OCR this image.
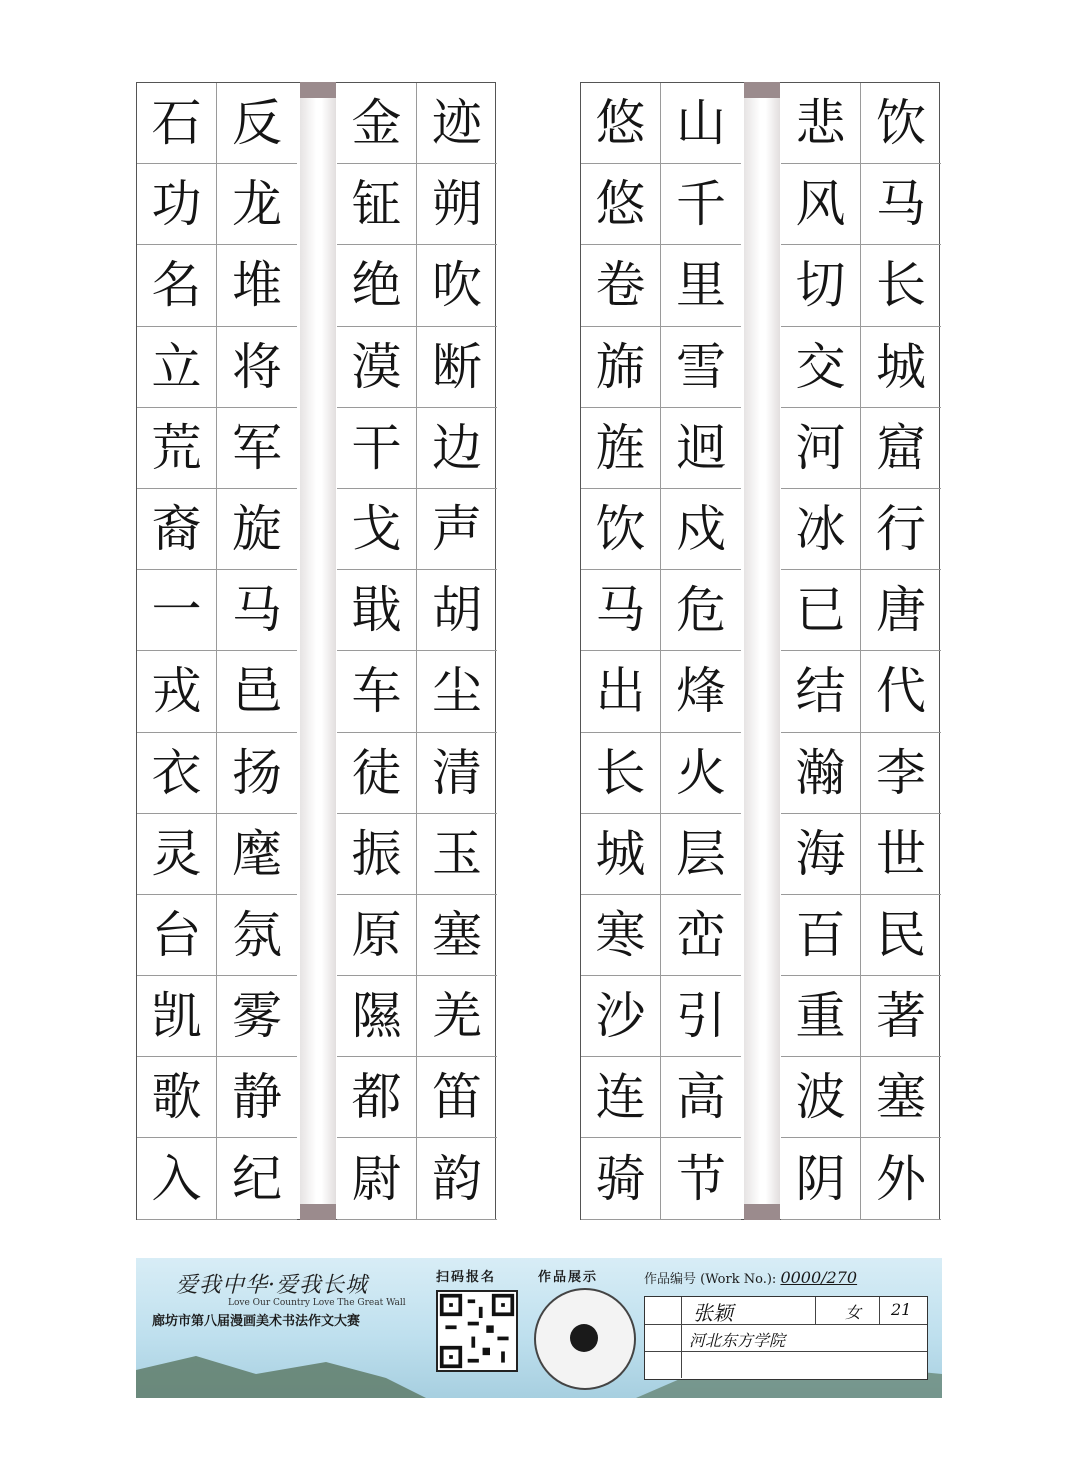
石 反
功 龙
名 堆
立 将
荒 军
裔 旋
一 马
戎 邑
衣 扬
灵 麾
台 氛
凯 雾
歌 静
入 纪
金 迹
钲 朔
绝 吹
漠 断
干 边
戈 声
戢 胡
车 尘
徒 清
振 玉
原 塞
隰 羌
都 笛
尉 韵
悠 山
悠 千
卷 里
旆 雪
旌 迥
饮 戍
马 危
出 烽
长 火
城 层
寒 峦
沙 引
连 高
骑 节
悲 饮
风 马
切 长
交 城
河 窟
冰 行
已 唐
结 代
瀚 李
海 世
百 民
重 著
波 塞
阴 外
爱我中华·爱我长城
Love Our Country Love The Great Wall
廊坊市第八届漫画美术书法作文大赛
扫码报名	作品展示	作品编号 (Work No.): 0000/270
张颖	女 21
河北东方学院
